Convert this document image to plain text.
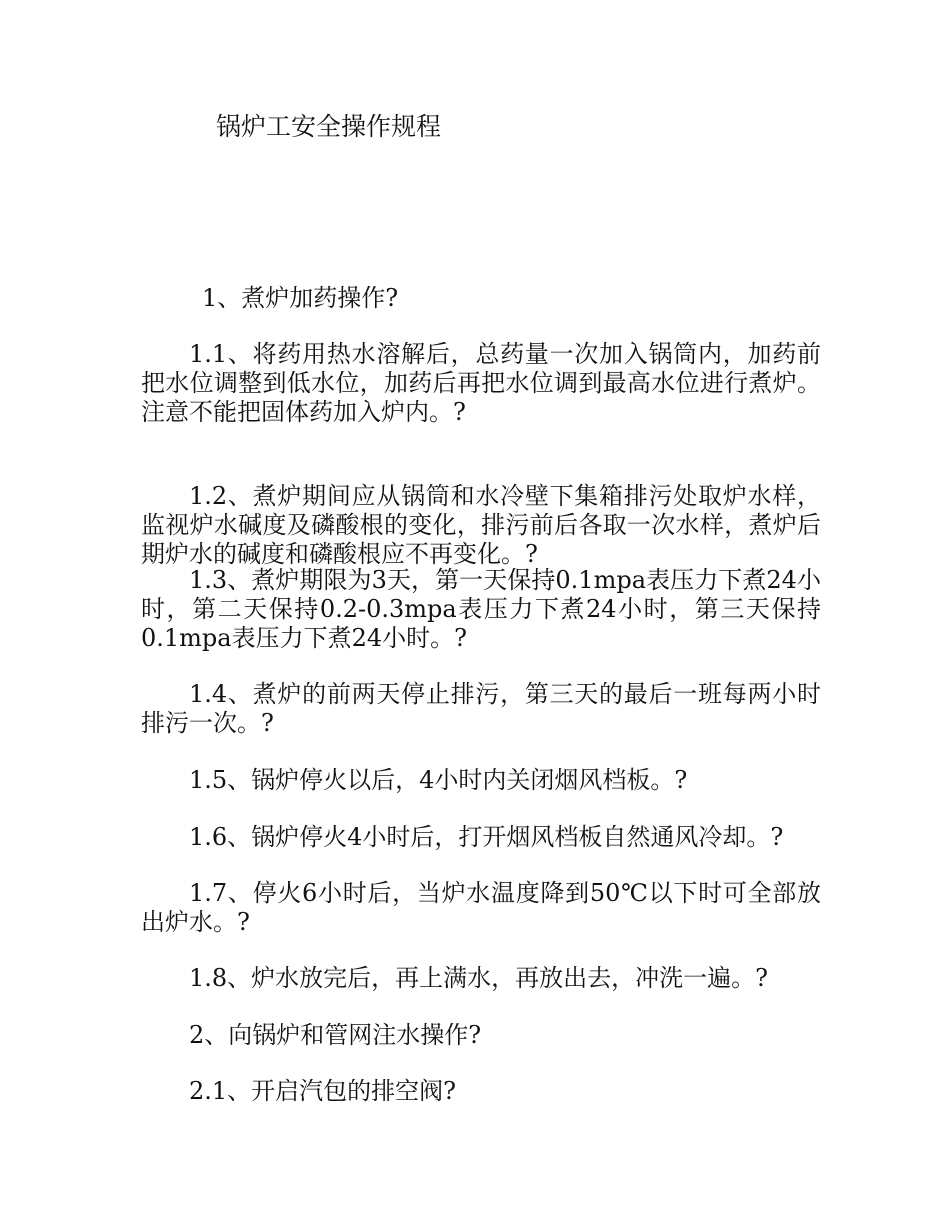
锅炉工安全操作规程
1、煮炉加药操作?
1.1、将药用热水溶解后，总药量一次加入锅筒内，加药前把水位调整到低水位，加药后再把水位调到最高水位进行煮炉。注意不能把固体药加入炉内。?
1.2、煮炉期间应从锅筒和水冷壁下集箱排污处取炉水样，监视炉水碱度及磷酸根的变化，排污前后各取一次水样，煮炉后期炉水的碱度和磷酸根应不再变化。?
1.3、煮炉期限为3天，第一天保持0.1mpa表压力下煮24小时，第二天保持0.2-0.3mpa表压力下煮24小时，第三天保持0.1mpa表压力下煮24小时。?
1.4、煮炉的前两天停止排污，第三天的最后一班每两小时排污一次。?
1.5、锅炉停火以后，4小时内关闭烟风档板。?
1.6、锅炉停火4小时后，打开烟风档板自然通风冷却。?
1.7、停火6小时后，当炉水温度降到50℃以下时可全部放出炉水。?
1.8、炉水放完后，再上满水，再放出去，冲洗一遍。?
2、向锅炉和管网注水操作?
2.1、开启汽包的排空阀?
